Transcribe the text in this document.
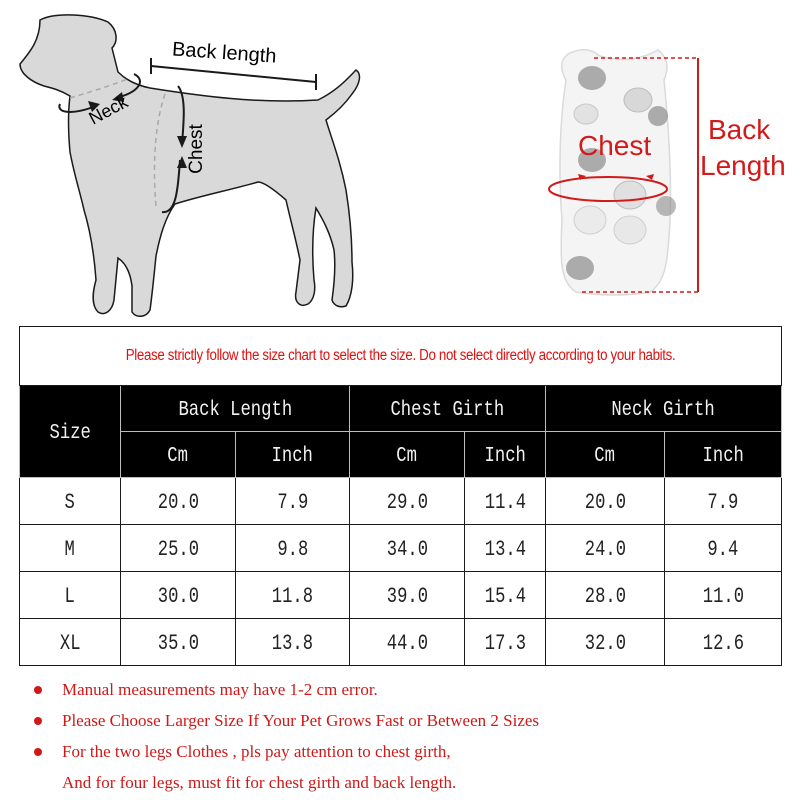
Back length
Neck
Chest	Chest
Back
Length
Please strictly follow the size chart to select the size. Do not select directly according to your habits.						
Size	Back Length		Chest Girth		Neck Girth	
	Cm	Inch	Cm	Inch	Cm	Inch
S	20.0	7.9	29.0	11.4	20.0	7.9
M	25.0	9.8	34.0	13.4	24.0	9.4
L	30.0	11.8	39.0	15.4	28.0	11.0
XL	35.0	13.8	44.0	17.3	32.0	12.6
Manual measurements may have 1-2 cm error.
Please Choose Larger Size If Your Pet Grows Fast or Between 2 Sizes
For the two legs Clothes , pls pay attention to chest girth,
And for four legs, must fit for chest girth and back length.
